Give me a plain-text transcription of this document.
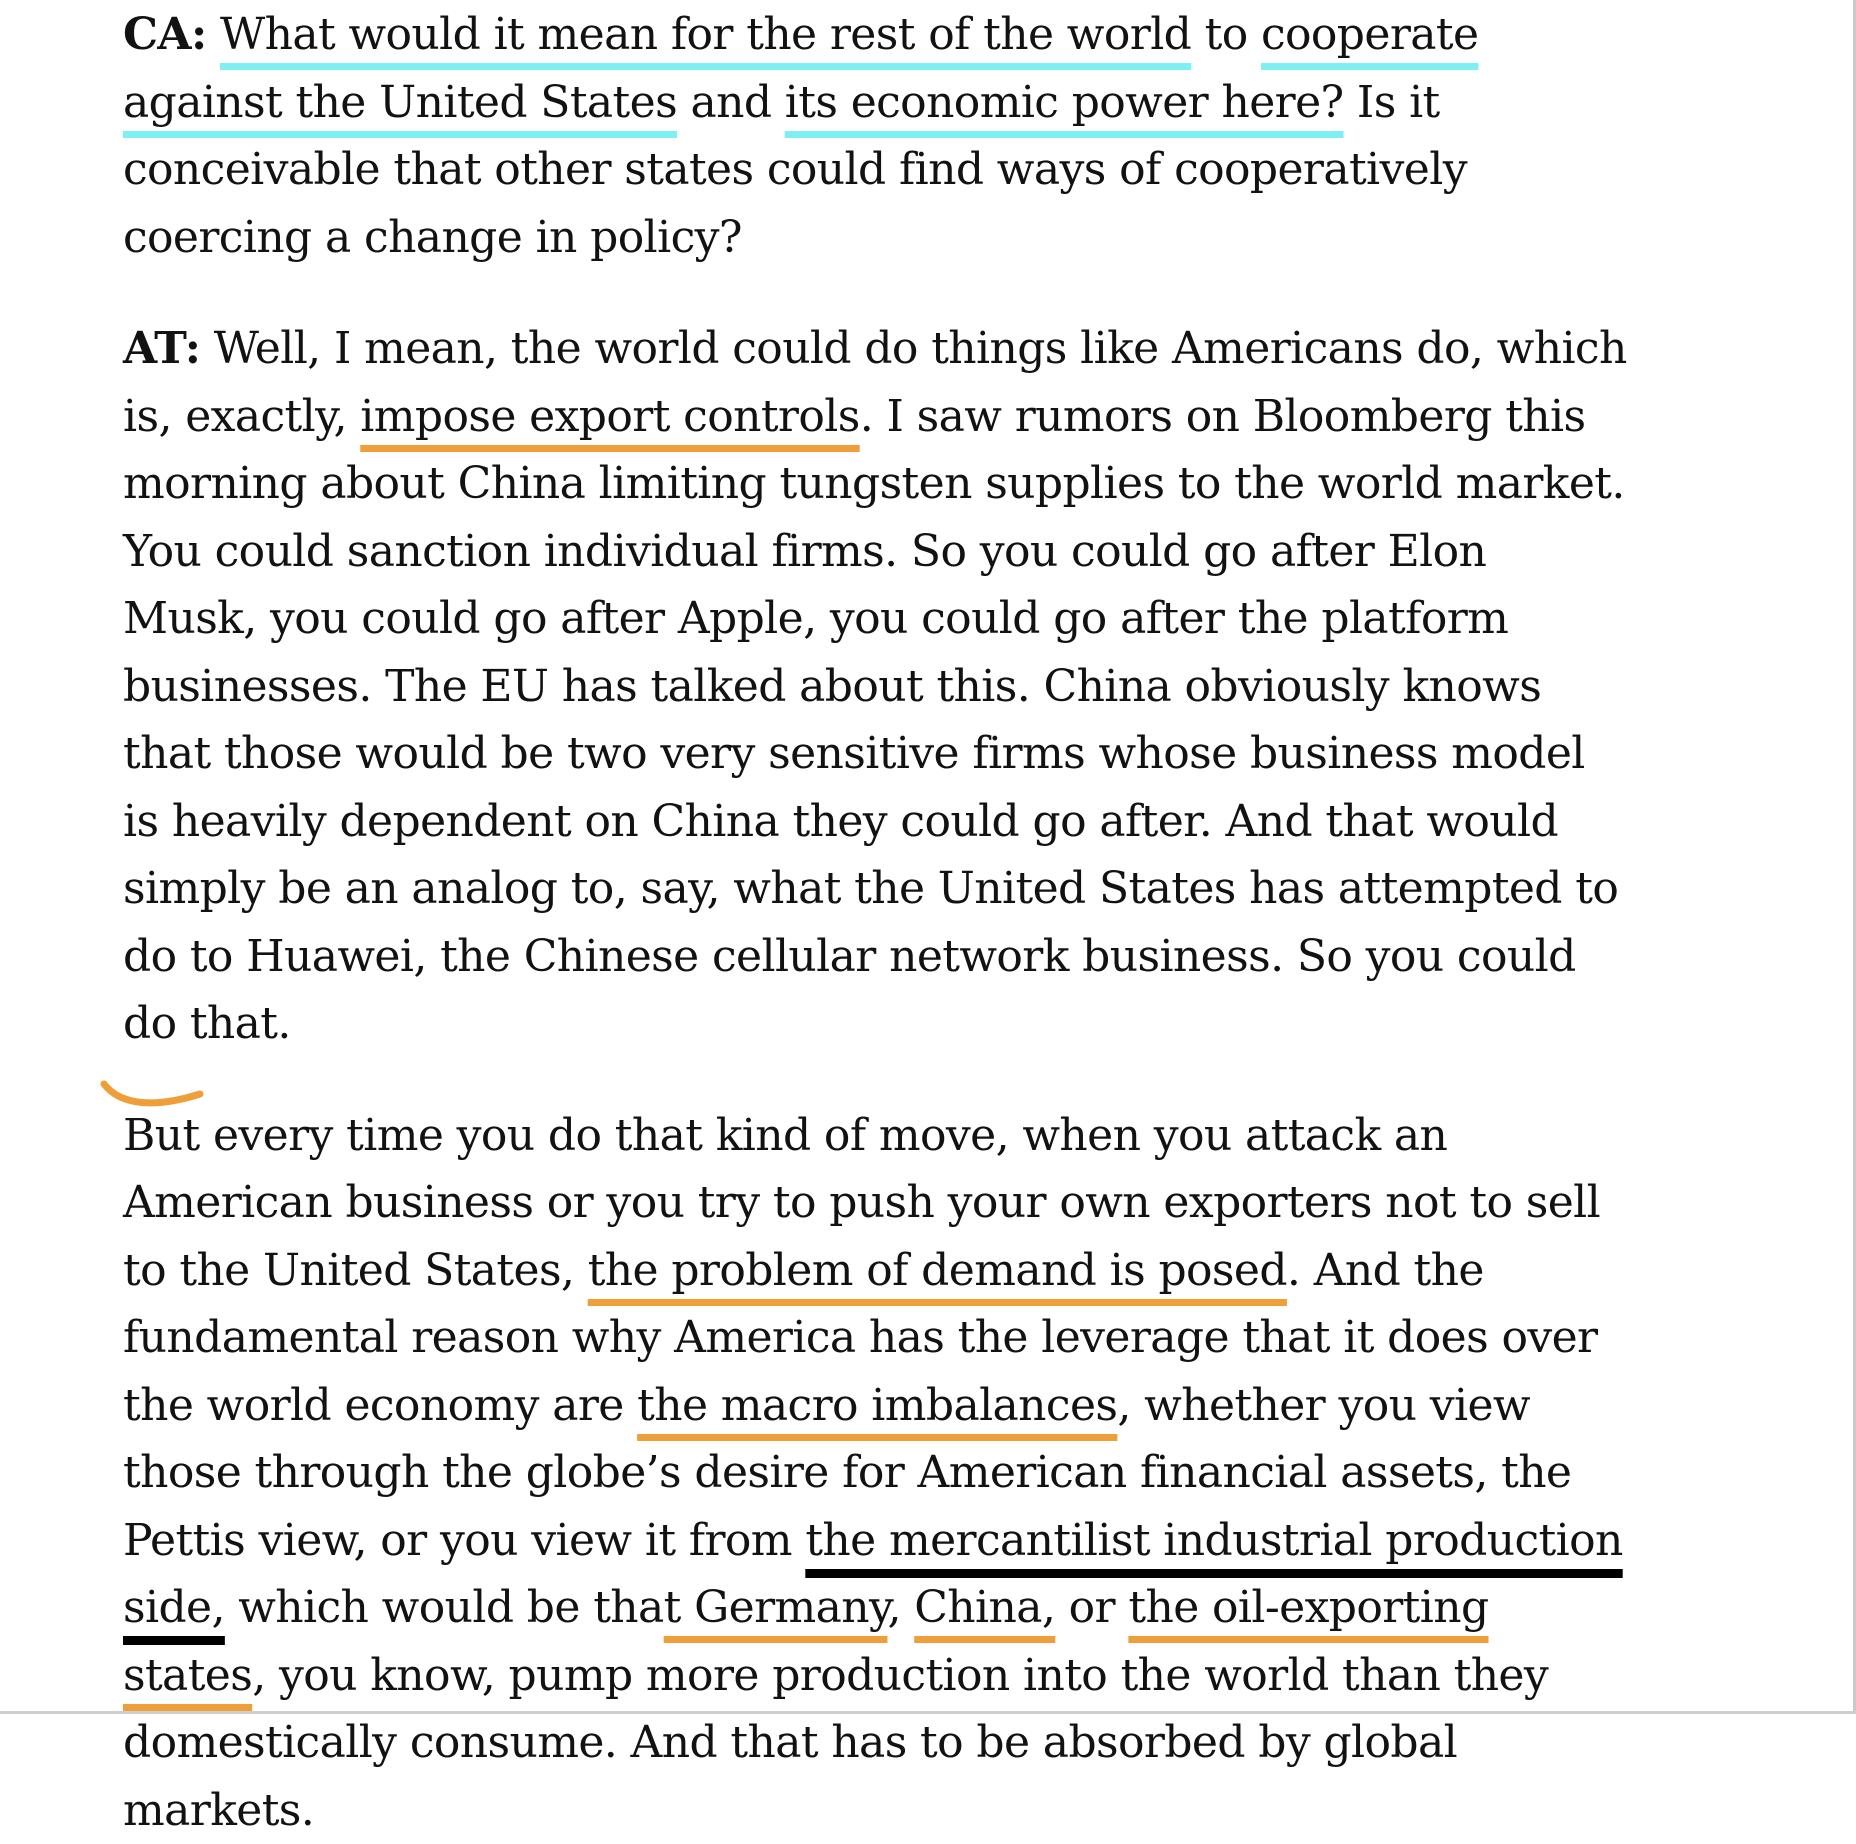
CA: What would it mean for the rest of the world to cooperate against the United States and its economic power here? Is it conceivable that other states could find ways of cooperatively coercing a change in policy?

AT: Well, I mean, the world could do things like Americans do, which is, exactly, impose export controls. I saw rumors on Bloomberg this morning about China limiting tungsten supplies to the world market. You could sanction individual firms. So you could go after Elon Musk, you could go after Apple, you could go after the platform businesses. The EU has talked about this. China obviously knows that those would be two very sensitive firms whose business model is heavily dependent on China they could go after. And that would simply be an analog to, say, what the United States has attempted to do to Huawei, the Chinese cellular network business. So you could do that.

But every time you do that kind of move, when you attack an American business or you try to push your own exporters not to sell to the United States, the problem of demand is posed. And the fundamental reason why America has the leverage that it does over the world economy are the macro imbalances, whether you view those through the globe’s desire for American financial assets, the Pettis view, or you view it from the mercantilist industrial production side, which would be that Germany, China, or the oil-exporting states, you know, pump more production into the world than they domestically consume. And that has to be absorbed by global markets.
